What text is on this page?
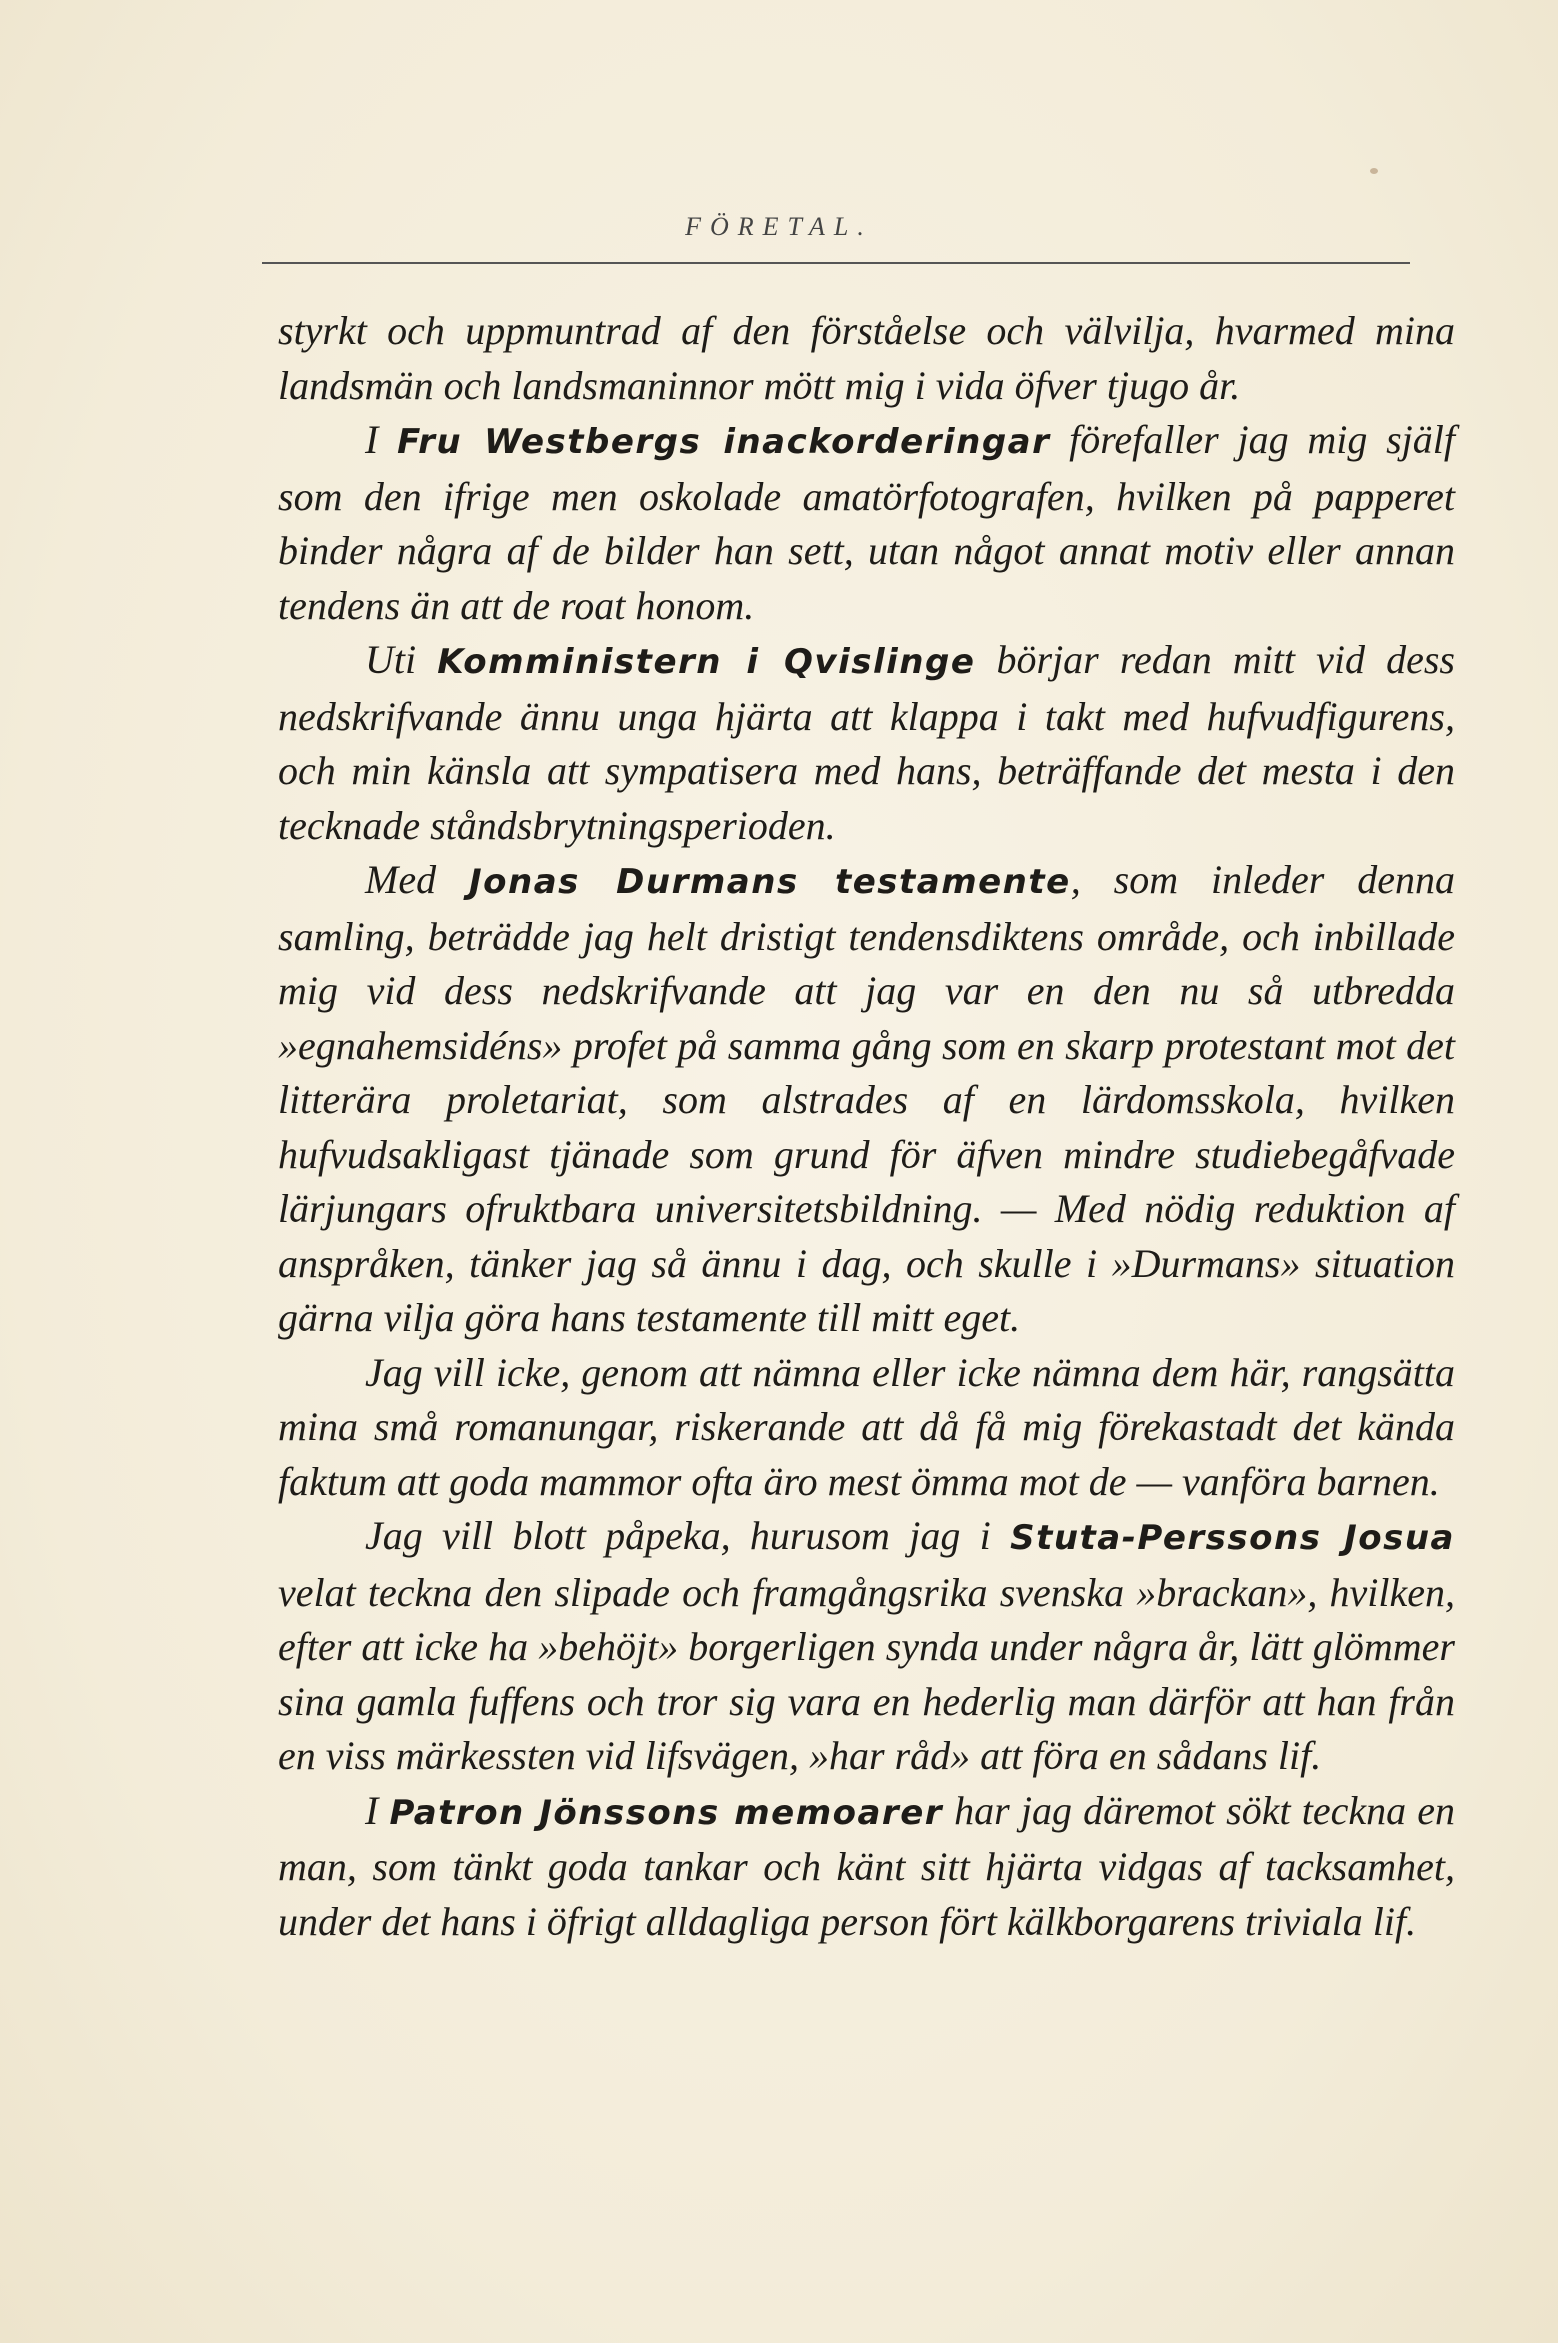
FÖRETAL.

styrkt och uppmuntrad af den förståelse och välvilja, hvarmed mina landsmän och landsmaninnor mött mig i vida öfver tjugo år.

I Fru Westbergs inackorderingar förefaller jag mig själf som den ifrige men oskolade amatörfotografen, hvilken på papperet binder några af de bilder han sett, utan något annat motiv eller annan tendens än att de roat honom.

Uti Komministern i Qvislinge börjar redan mitt vid dess nedskrifvande ännu unga hjärta att klappa i takt med hufvudfigurens, och min känsla att sympatisera med hans, beträffande det mesta i den tecknade ståndsbrytningsperioden.

Med Jonas Durmans testamente, som inleder denna samling, beträdde jag helt dristigt tendensdiktens område, och inbillade mig vid dess nedskrifvande att jag var en den nu så utbredda »egnahemsidéns» profet på samma gång som en skarp protestant mot det litterära proletariat, som alstrades af en lärdomsskola, hvilken hufvudsakligast tjänade som grund för äfven mindre studiebegåfvade lärjungars ofruktbara universitetsbildning. — Med nödig reduktion af anspråken, tänker jag så ännu i dag, och skulle i »Durmans» situation gärna vilja göra hans testamente till mitt eget.

Jag vill icke, genom att nämna eller icke nämna dem här, rangsätta mina små romanungar, riskerande att då få mig förekastadt det kända faktum att goda mammor ofta äro mest ömma mot de — vanföra barnen.

Jag vill blott påpeka, hurusom jag i Stuta-Perssons Josua velat teckna den slipade och framgångsrika svenska »brackan», hvilken, efter att icke ha »behöjt» borgerligen synda under några år, lätt glömmer sina gamla fuffens och tror sig vara en hederlig man därför att han från en viss märkessten vid lifsvägen, »har råd» att föra en sådans lif.

I Patron Jönssons memoarer har jag däremot sökt teckna en man, som tänkt goda tankar och känt sitt hjärta vidgas af tacksamhet, under det hans i öfrigt alldagliga person fört kälkborgarens triviala lif.
